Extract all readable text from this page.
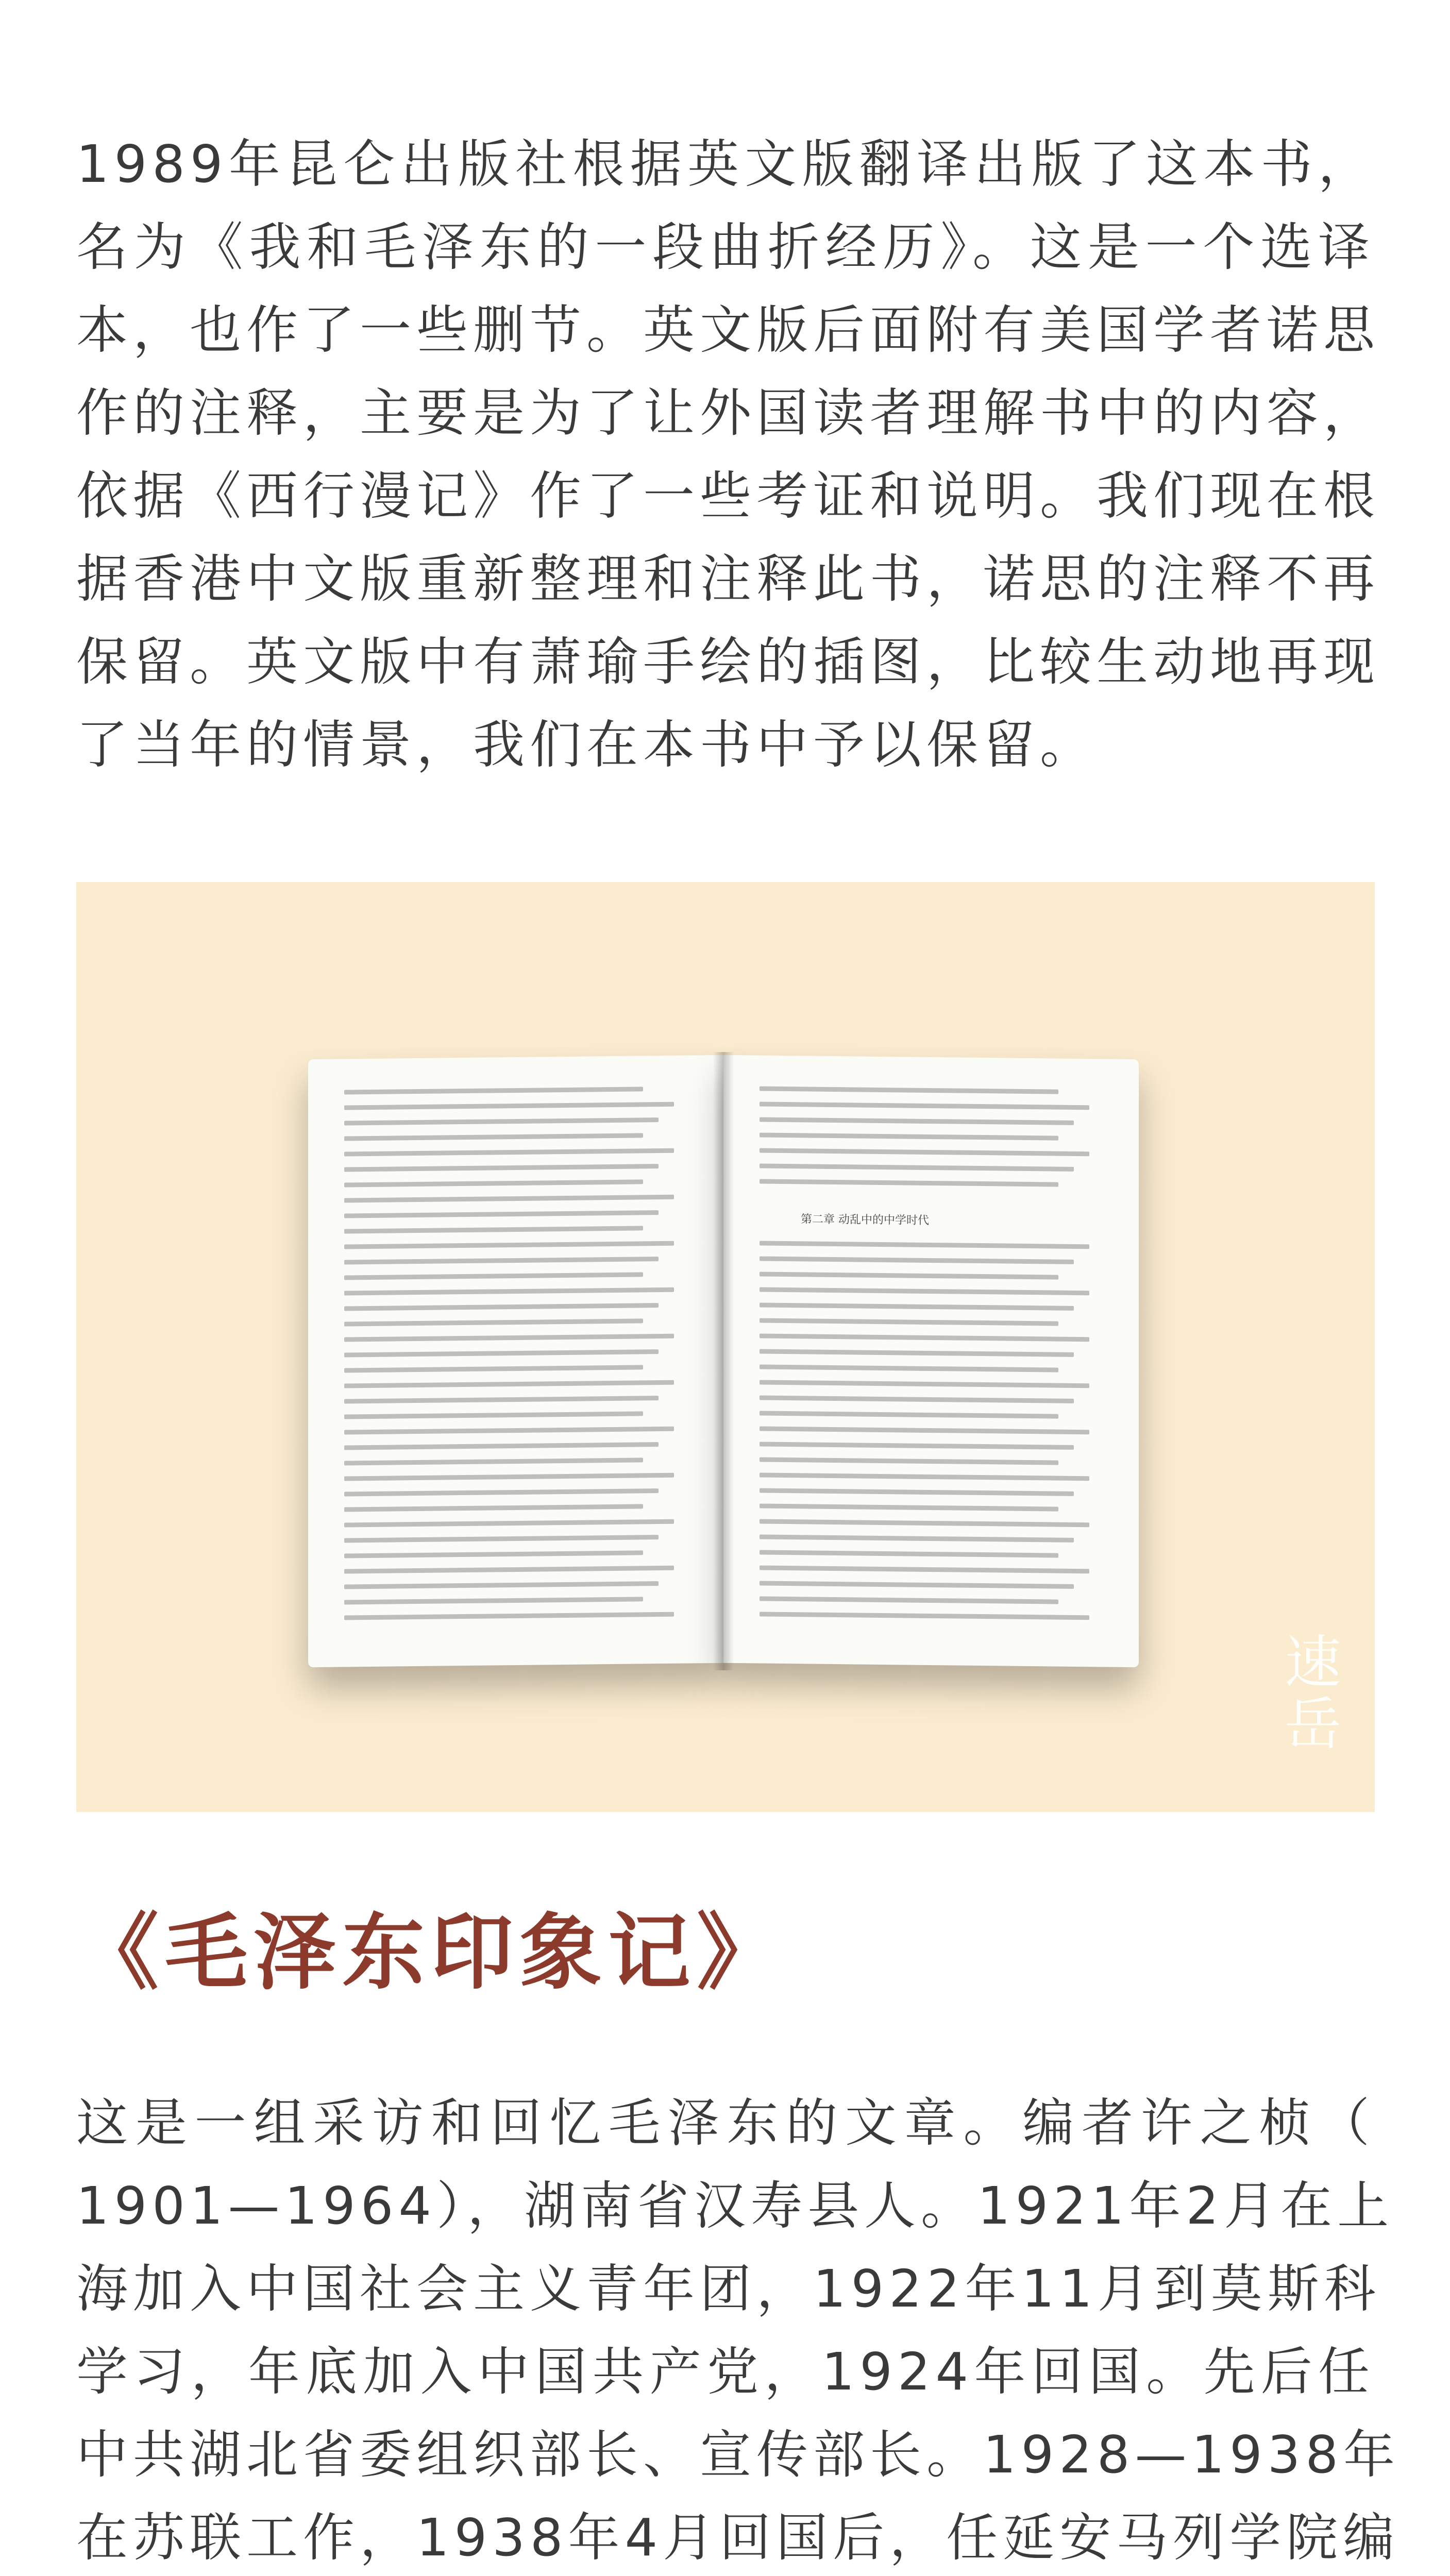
1989年昆仑出版社根据英文版翻译出版了这本书，
名为《我和毛泽东的一段曲折经历》。这是一个选译
本，也作了一些删节。英文版后面附有美国学者诺思
作的注释，主要是为了让外国读者理解书中的内容，
依据《西行漫记》作了一些考证和说明。我们现在根
据香港中文版重新整理和注释此书，诺思的注释不再
保留。英文版中有萧瑜手绘的插图，比较生动地再现
了当年的情景，我们在本书中予以保留。
第二章 动乱中的中学时代
速
岳
《毛泽东印象记》
这是一组采访和回忆毛泽东的文章。编者许之桢（
1901—1964），湖南省汉寿县人。1921年2月在上
海加入中国社会主义青年团，1922年11月到莫斯科
学习，年底加入中国共产党，1924年回国。先后任
中共湖北省委组织部长、宣传部长。1928—1938年
在苏联工作，1938年4月回国后，任延安马列学院编
